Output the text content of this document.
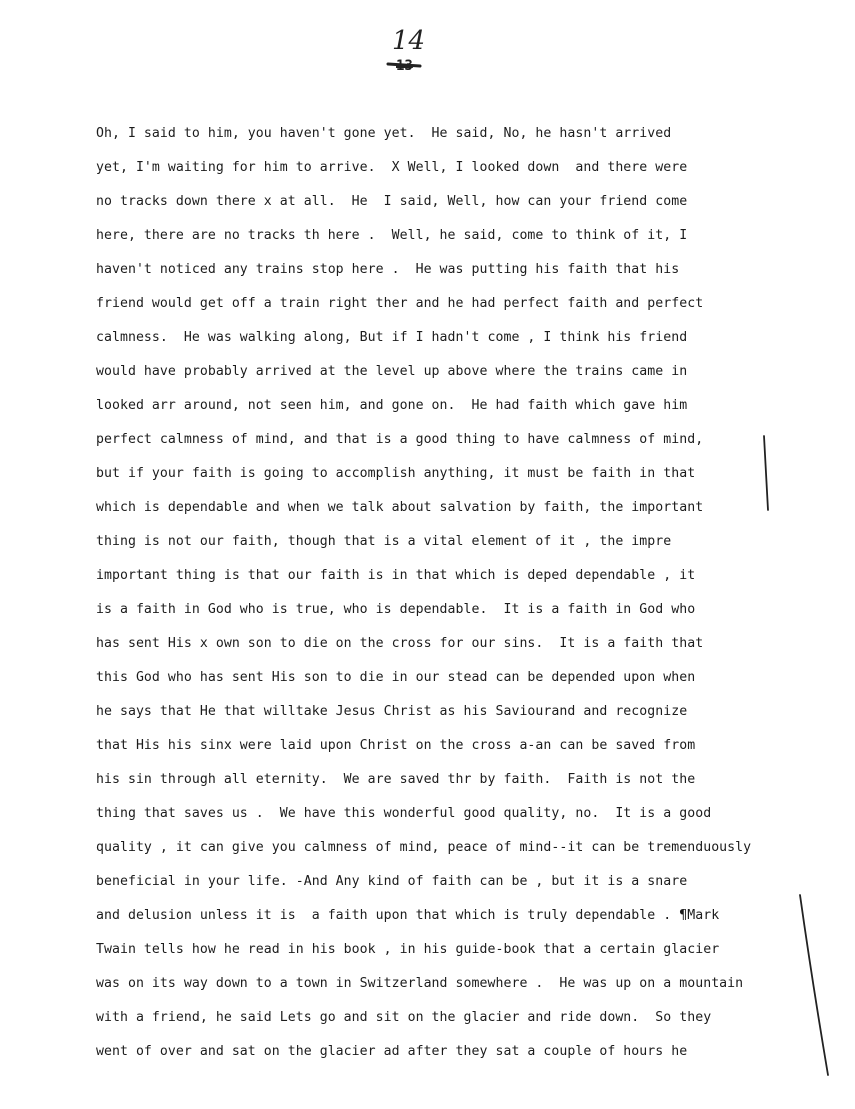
14
13
Oh, I said to him, you haven't gone yet.  He said, No, he hasn't arrived
yet, I'm waiting for him to arrive.  X Well, I looked down  and there were
no tracks down there x at all.  He  I said, Well, how can your friend come
here, there are no tracks th here .  Well, he said, come to think of it, I
haven't noticed any trains stop here .  He was putting his faith that his
friend would get off a train right ther and he had perfect faith and perfect
calmness.  He was walking along, But if I hadn't come , I think his friend
would have probably arrived at the level up above where the trains came in
looked arr around, not seen him, and gone on.  He had faith which gave him
perfect calmness of mind, and that is a good thing to have calmness of mind,
but if your faith is going to accomplish anything, it must be faith in that
which is dependable and when we talk about salvation by faith, the important
thing is not our faith, though that is a vital element of it , the impre
important thing is that our faith is in that which is deped dependable , it
is a faith in God who is true, who is dependable.  It is a faith in God who
has sent His x own son to die on the cross for our sins.  It is a faith that
this God who has sent His son to die in our stead can be depended upon when
he says that He that willtake Jesus Christ as his Saviourand and recognize
that His his sinx were laid upon Christ on the cross a-an can be saved from
his sin through all eternity.  We are saved thr by faith.  Faith is not the
thing that saves us .  We have this wonderful good quality, no.  It is a good
quality , it can give you calmness of mind, peace of mind--it can be tremenduously
beneficial in your life. -And Any kind of faith can be , but it is a snare
and delusion unless it is  a faith upon that which is truly dependable . ¶Mark
Twain tells how he read in his book , in his guide-book that a certain glacier
was on its way down to a town in Switzerland somewhere .  He was up on a mountain
with a friend, he said Lets go and sit on the glacier and ride down.  So they
went of over and sat on the glacier ad after they sat a couple of hours he
